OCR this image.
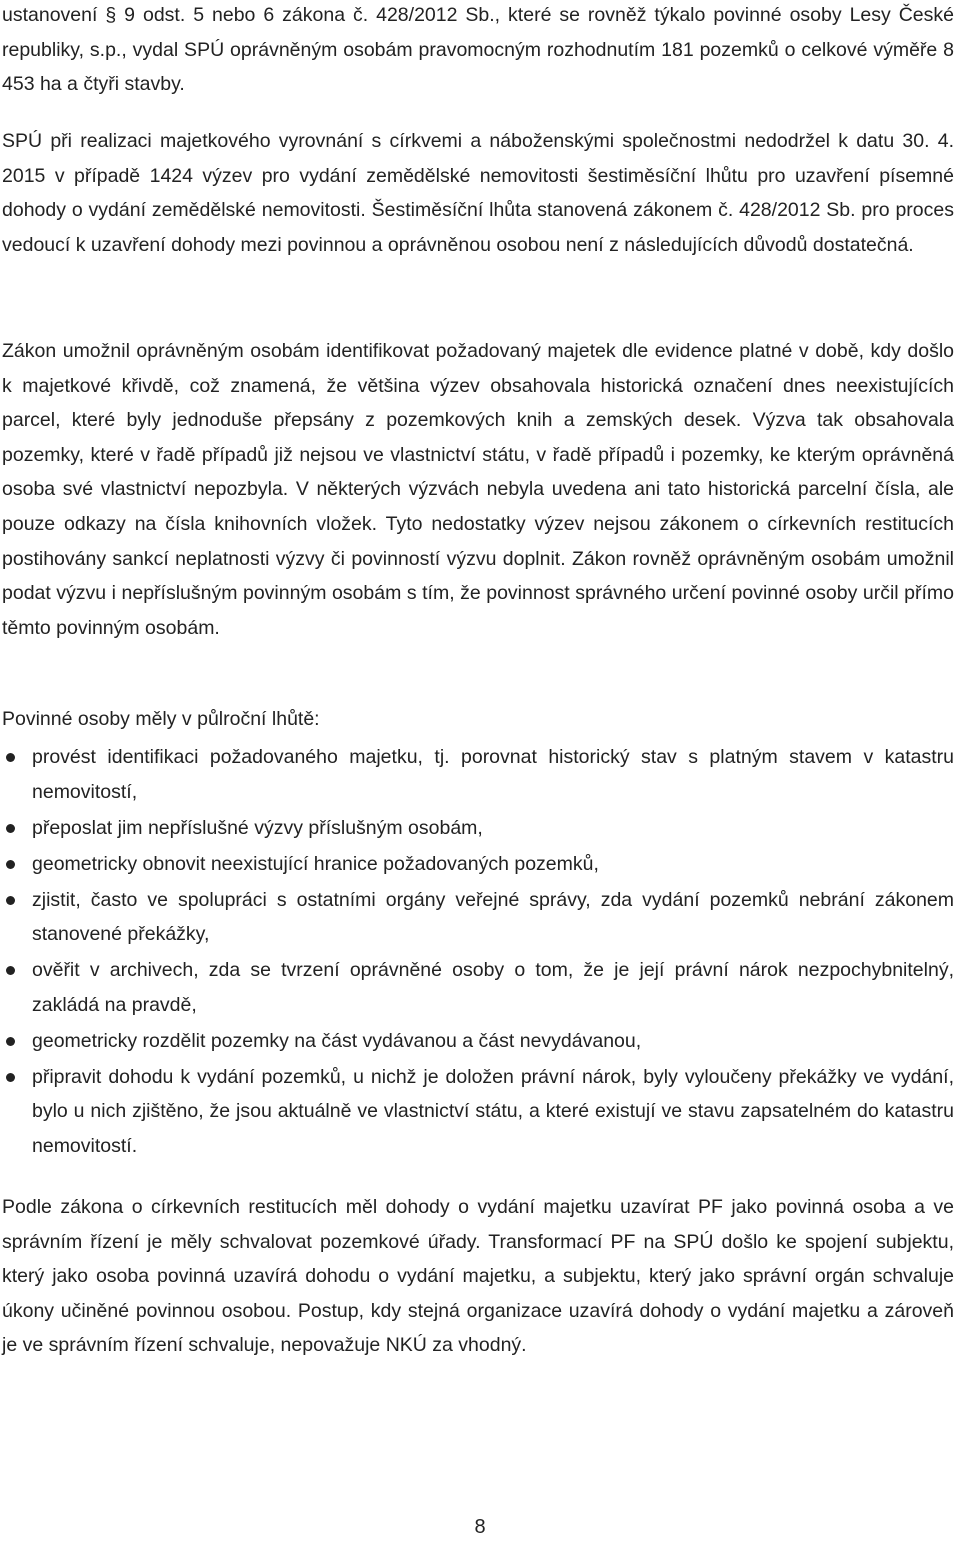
ustanovení § 9 odst. 5 nebo 6 zákona č. 428/2012 Sb., které se rovněž týkalo povinné osoby Lesy České republiky, s.p., vydal SPÚ oprávněným osobám pravomocným rozhodnutím 181 pozemků o celkové výměře 8 453 ha a čtyři stavby.

SPÚ při realizaci majetkového vyrovnání s církvemi a náboženskými společnostmi nedodržel k datu 30. 4. 2015 v případě 1424 výzev pro vydání zemědělské nemovitosti šestiměsíční lhůtu pro uzavření písemné dohody o vydání zemědělské nemovitosti. Šestiměsíční lhůta stanovená zákonem č. 428/2012 Sb. pro proces vedoucí k uzavření dohody mezi povinnou a oprávněnou osobou není z následujících důvodů dostatečná.

Zákon umožnil oprávněným osobám identifikovat požadovaný majetek dle evidence platné v době, kdy došlo k majetkové křivdě, což znamená, že většina výzev obsahovala historická označení dnes neexistujících parcel, které byly jednoduše přepsány z pozemkových knih a zemských desek. Výzva tak obsahovala pozemky, které v řadě případů již nejsou ve vlastnictví státu, v řadě případů i pozemky, ke kterým oprávněná osoba své vlastnictví nepozbyla. V některých výzvách nebyla uvedena ani tato historická parcelní čísla, ale pouze odkazy na čísla knihovních vložek. Tyto nedostatky výzev nejsou zákonem o církevních restitucích postihovány sankcí neplatnosti výzvy či povinností výzvu doplnit. Zákon rovněž oprávněným osobám umožnil podat výzvu i nepříslušným povinným osobám s tím, že povinnost správného určení povinné osoby určil přímo těmto povinným osobám.

Povinné osoby měly v půlroční lhůtě:

provést identifikaci požadovaného majetku, tj. porovnat historický stav s platným stavem v katastru nemovitostí,
přeposlat jim nepříslušné výzvy příslušným osobám,
geometricky obnovit neexistující hranice požadovaných pozemků,
zjistit, často ve spolupráci s ostatními orgány veřejné správy, zda vydání pozemků nebrání zákonem stanovené překážky,
ověřit v archivech, zda se tvrzení oprávněné osoby o tom, že je její právní nárok nezpochybnitelný, zakládá na pravdě,
geometricky rozdělit pozemky na část vydávanou a část nevydávanou,
připravit dohodu k vydání pozemků, u nichž je doložen právní nárok, byly vyloučeny překážky ve vydání, bylo u nich zjištěno, že jsou aktuálně ve vlastnictví státu, a které existují ve stavu zapsatelném do katastru nemovitostí.

Podle zákona o církevních restitucích měl dohody o vydání majetku uzavírat PF jako povinná osoba a ve správním řízení je měly schvalovat pozemkové úřady. Transformací PF na SPÚ došlo ke spojení subjektu, který jako osoba povinná uzavírá dohodu o vydání majetku, a subjektu, který jako správní orgán schvaluje úkony učiněné povinnou osobou. Postup, kdy stejná organizace uzavírá dohody o vydání majetku a zároveň je ve správním řízení schvaluje, nepovažuje NKÚ za vhodný.

8
